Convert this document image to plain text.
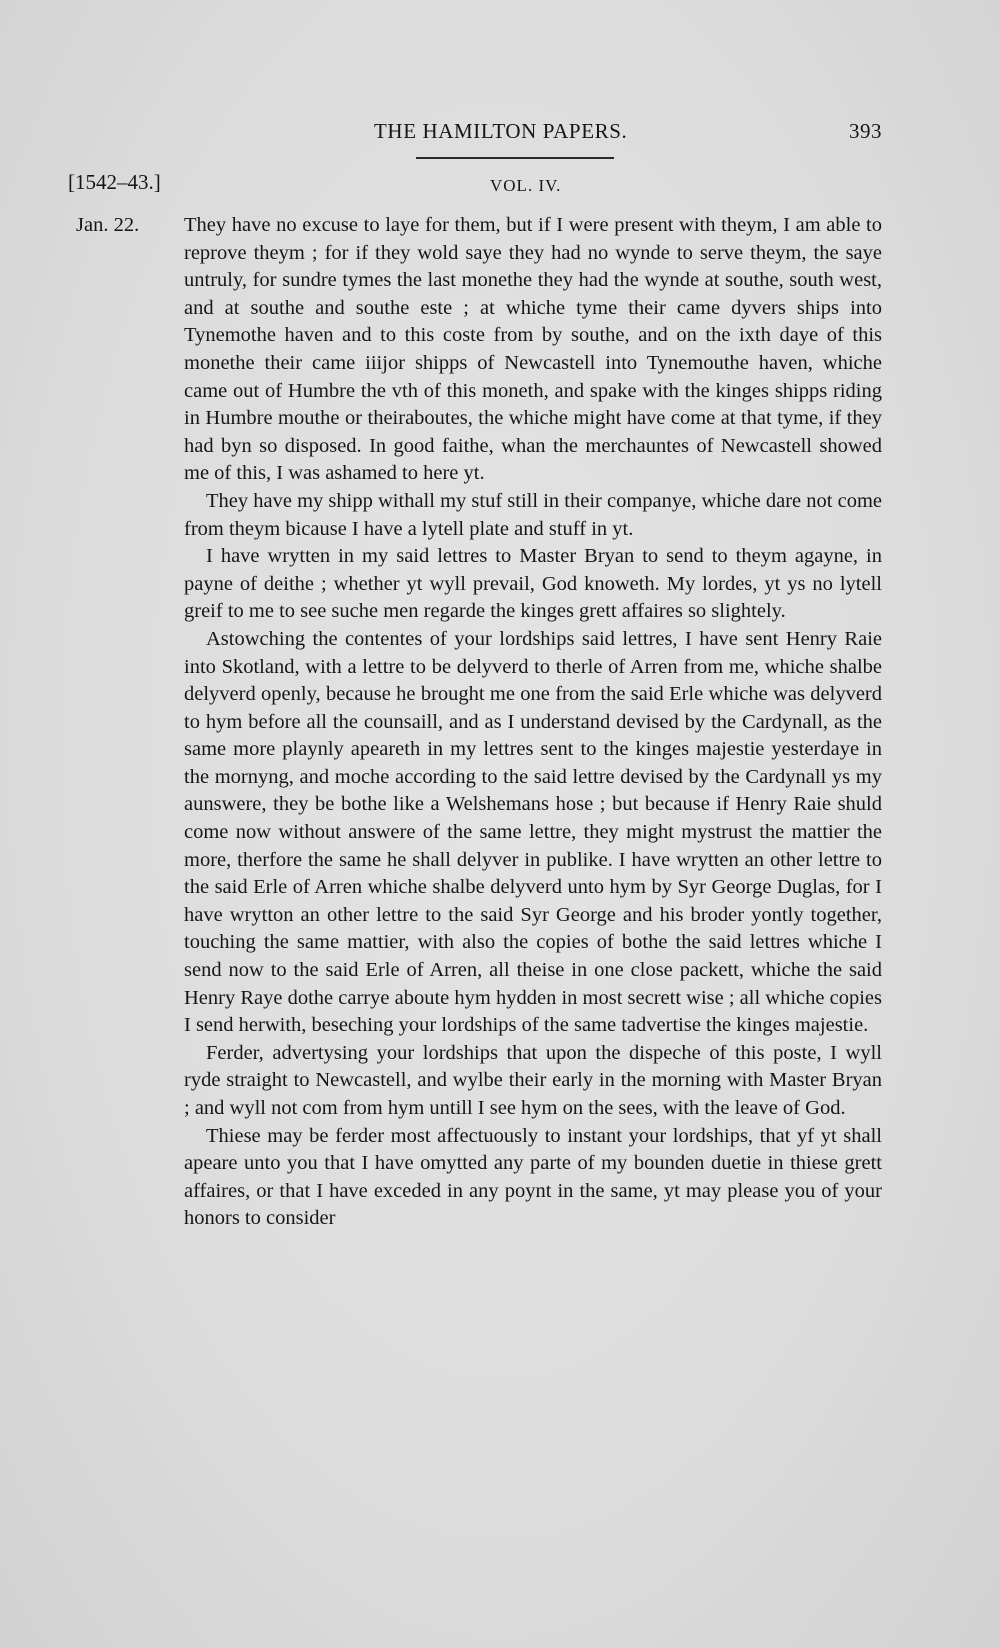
THE HAMILTON PAPERS.	393
[1542–43.]	VOL. IV.
Jan. 22. They have no excuse to laye for them, but if I were present with theym, I am able to reprove theym ; for if they wold saye they had no wynde to serve theym, the saye untruly, for sundre tymes the last monethe they had the wynde at southe, south west, and at southe and southe este ; at whiche tyme their came dyvers ships into Tynemothe haven and to this coste from by southe, and on the ixth daye of this monethe their came iiijor shipps of Newcastell into Tynemouthe haven, whiche came out of Humbre the vth of this moneth, and spake with the kinges shipps riding in Humbre mouthe or theiraboutes, the whiche might have come at that tyme, if they had byn so disposed. In good faithe, whan the merchauntes of Newcastell showed me of this, I was ashamed to here yt.

They have my shipp withall my stuf still in their companye, whiche dare not come from theym bicause I have a lytell plate and stuff in yt.

I have wrytten in my said lettres to Master Bryan to send to theym agayne, in payne of deithe ; whether yt wyll prevail, God knoweth. My lordes, yt ys no lytell greif to me to see suche men regarde the kinges grett affaires so slightely.

Astowching the contentes of your lordships said lettres, I have sent Henry Raie into Skotland, with a lettre to be delyverd to therle of Arren from me, whiche shalbe delyverd openly, because he brought me one from the said Erle whiche was delyverd to hym before all the counsaill, and as I understand devised by the Cardynall, as the same more playnly apeareth in my lettres sent to the kinges majestie yesterdaye in the mornyng, and moche according to the said lettre devised by the Cardynall ys my aunswere, they be bothe like a Welshemans hose ; but because if Henry Raie shuld come now without answere of the same lettre, they might mystrust the mattier the more, therfore the same he shall delyver in publike. I have wrytten an other lettre to the said Erle of Arren whiche shalbe delyverd unto hym by Syr George Duglas, for I have wrytton an other lettre to the said Syr George and his broder yontly together, touching the same mattier, with also the copies of bothe the said lettres whiche I send now to the said Erle of Arren, all theise in one close packett, whiche the said Henry Raye dothe carrye aboute hym hydden in most secrett wise ; all whiche copies I send herwith, beseching your lordships of the same tadvertise the kinges majestie.

Ferder, advertysing your lordships that upon the dispeche of this poste, I wyll ryde straight to Newcastell, and wylbe their early in the morning with Master Bryan ; and wyll not com from hym untill I see hym on the sees, with the leave of God.

Thiese may be ferder most affectuously to instant your lordships, that yf yt shall apeare unto you that I have omytted any parte of my bounden duetie in thiese grett affaires, or that I have exceded in any poynt in the same, yt may please you of your honors to consider
